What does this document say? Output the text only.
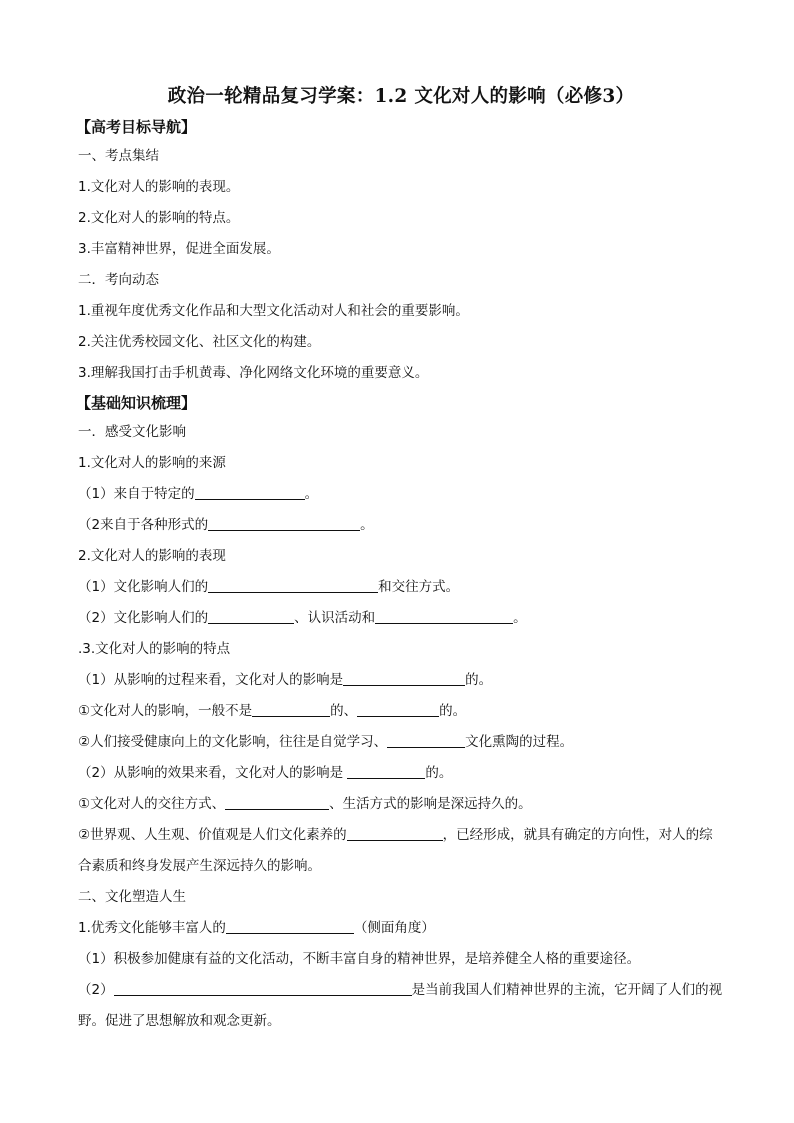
政治一轮精品复习学案：1.2 文化对人的影响（必修3）
【高考目标导航】
一、考点集结
1.文化对人的影响的表现。
2.文化对人的影响的特点。
3.丰富精神世界，促进全面发展。
二．考向动态
1.重视年度优秀文化作品和大型文化活动对人和社会的重要影响。
2.关注优秀校园文化、社区文化的构建。
3.理解我国打击手机黄毒、净化网络文化环境的重要意义。
【基础知识梳理】
一．感受文化影响
1.文化对人的影响的来源
（1）来自于特定的	。
（2来自于各种形式的	。
2.文化对人的影响的表现
（1）文化影响人们的	和交往方式。
（2）文化影响人们的	、认识活动和	。
.3.文化对人的影响的特点
（1）从影响的过程来看，文化对人的影响是	的。
①文化对人的影响，一般不是	的、	的。
②人们接受健康向上的文化影响，往往是自觉学习、	文化熏陶的过程。
（2）从影响的效果来看，文化对人的影响是	的。
①文化对人的交往方式、	、生活方式的影响是深远持久的。
②世界观、人生观、价值观是人们文化素养的	，已经形成，就具有确定的方向性，对人的综合素质和终身发展产生深远持久的影响。
二、文化塑造人生
1.优秀文化能够丰富人的	（侧面角度）
（1）积极参加健康有益的文化活动，不断丰富自身的精神世界，是培养健全人格的重要途径。
（2）	是当前我国人们精神世界的主流，它开阔了人们的视野。促进了思想解放和观念更新。
